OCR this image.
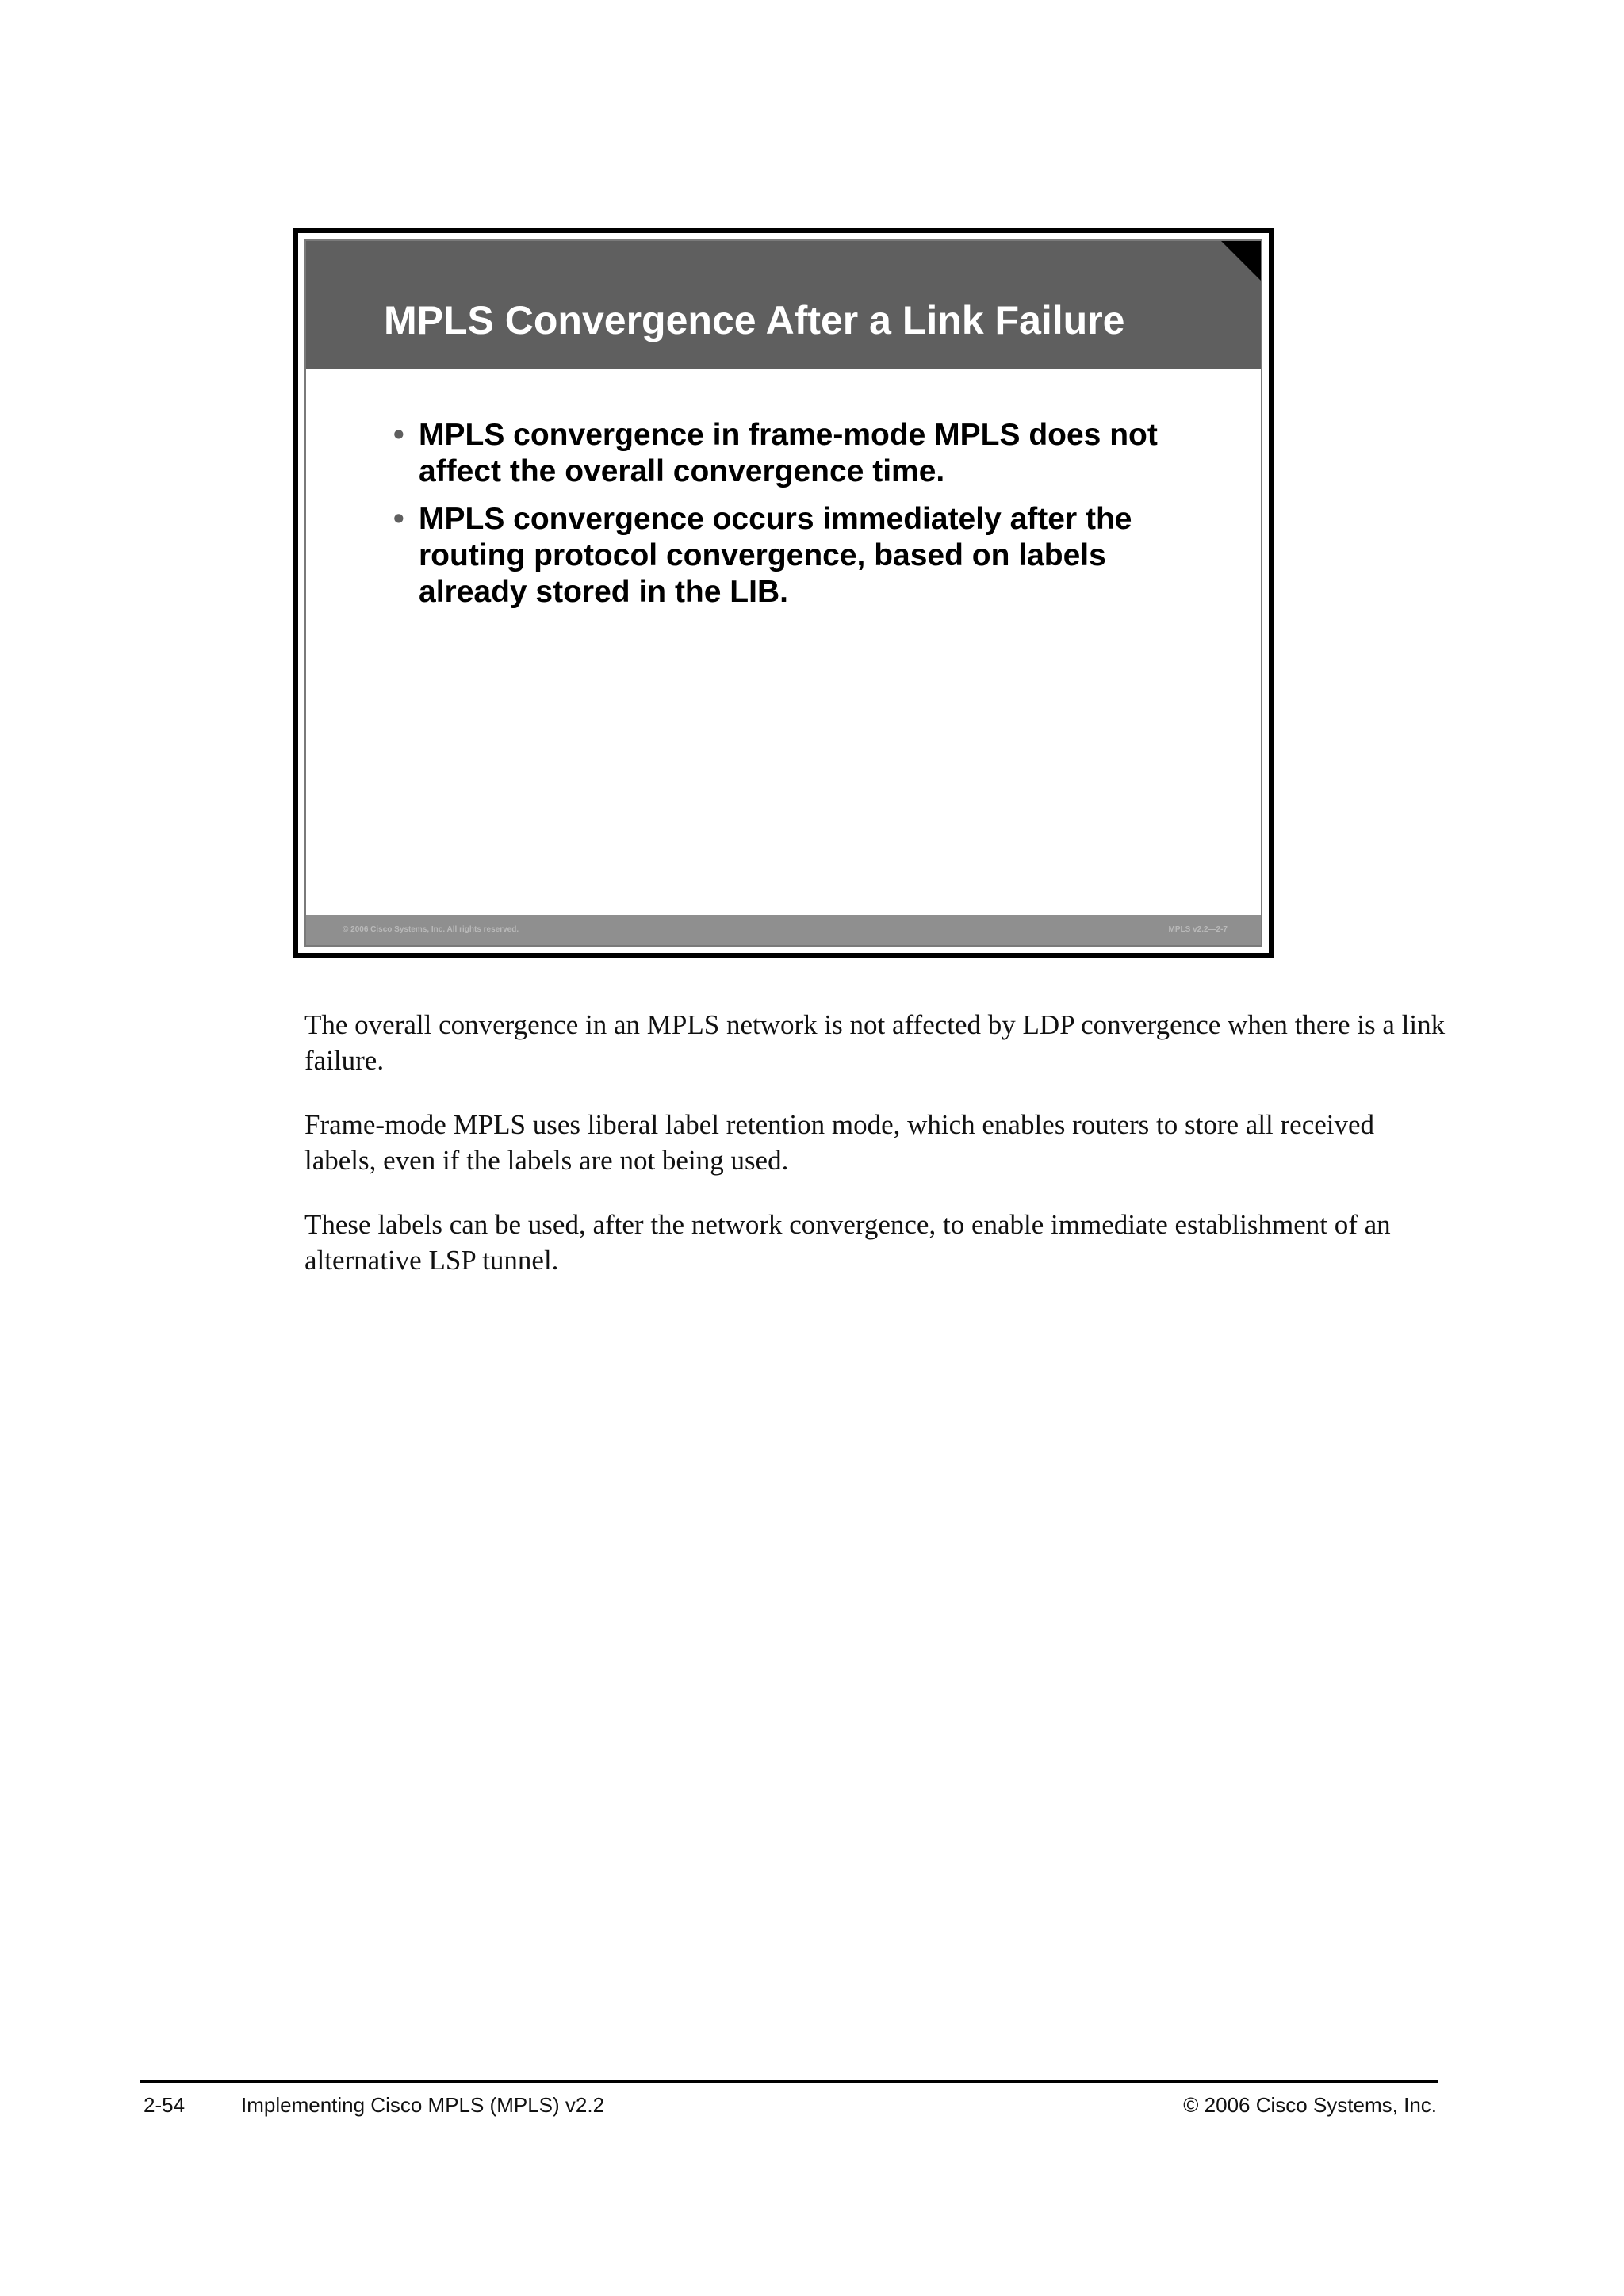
MPLS Convergence After a Link Failure
• MPLS convergence in frame-mode MPLS does not affect the overall convergence time.
• MPLS convergence occurs immediately after the routing protocol convergence, based on labels already stored in the LIB.
© 2006 Cisco Systems, Inc. All rights reserved.	MPLS v2.2—2-7

The overall convergence in an MPLS network is not affected by LDP convergence when there is a link failure.

Frame-mode MPLS uses liberal label retention mode, which enables routers to store all received labels, even if the labels are not being used.

These labels can be used, after the network convergence, to enable immediate establishment of an alternative LSP tunnel.

2-54	Implementing Cisco MPLS (MPLS) v2.2	© 2006 Cisco Systems, Inc.
